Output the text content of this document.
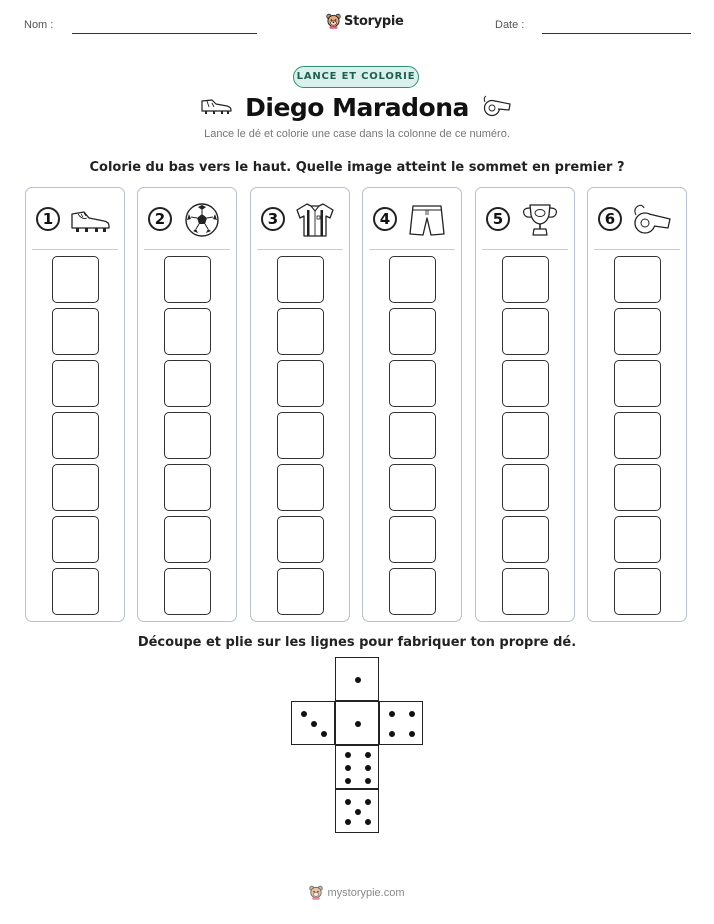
Nom :	Storypie	Date :
LANCE ET COLORIE
Diego Maradona
Lance le dé et colorie une case dans la colonne de ce numéro.
Colorie du bas vers le haut. Quelle image atteint le sommet en premier ?
1	2	3	4	5	6
Découpe et plie sur les lignes pour fabriquer ton propre dé.
mystorypie.com
